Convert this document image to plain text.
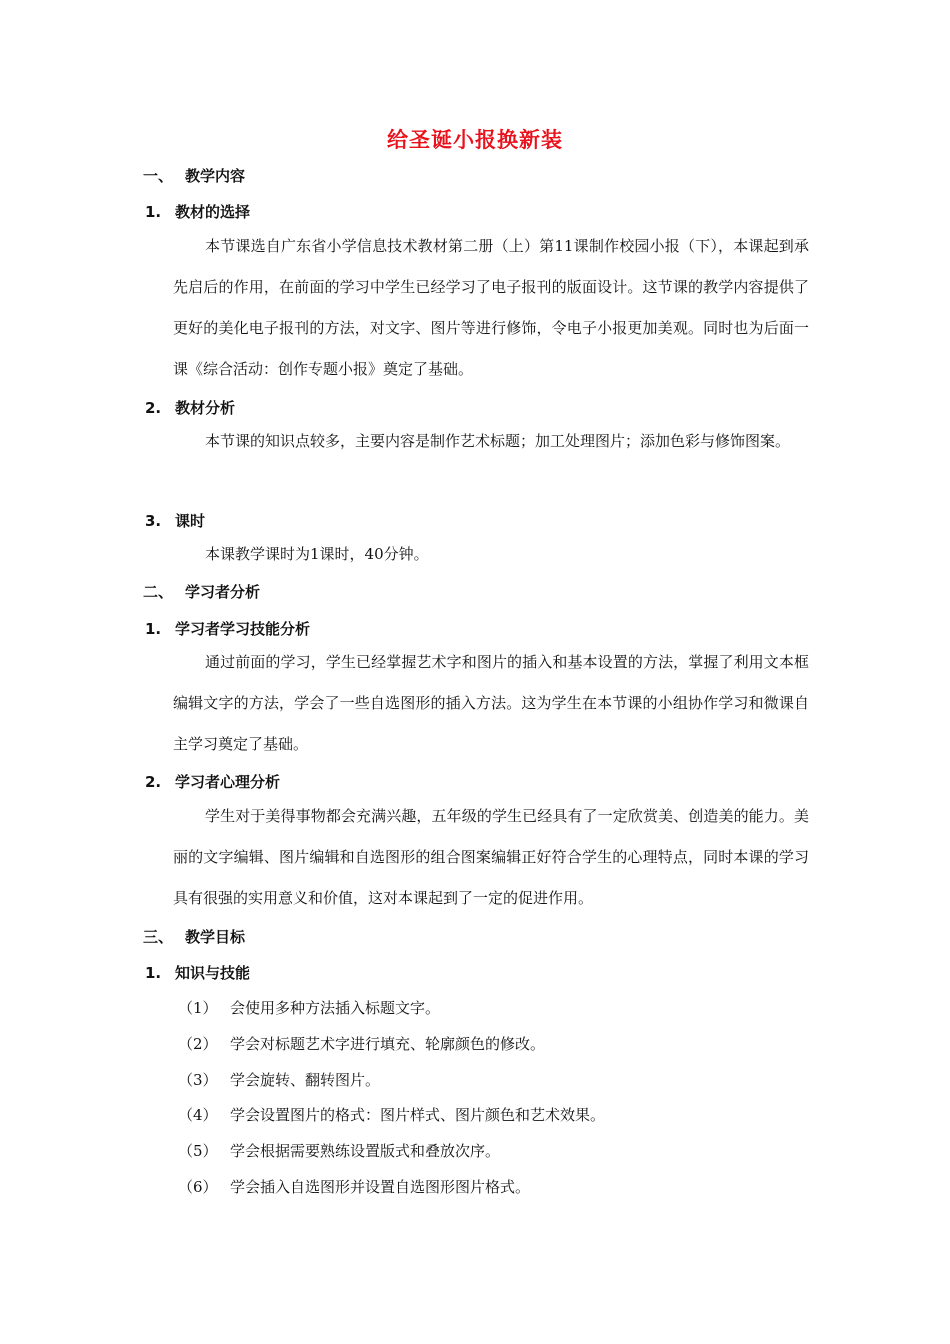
给圣诞小报换新装
一、 教学内容
1. 教材的选择

本节课选自广东省小学信息技术教材第二册（上）第11课制作校园小报（下），本课起到承先启后的作用，在前面的学习中学生已经学习了电子报刊的版面设计。这节课的教学内容提供了更好的美化电子报刊的方法，对文字、图片等进行修饰，令电子小报更加美观。同时也为后面一课《综合活动：创作专题小报》奠定了基础。

2. 教材分析

本节课的知识点较多，主要内容是制作艺术标题；加工处理图片；添加色彩与修饰图案。

3. 课时

本课教学课时为1课时，40分钟。

二、 学习者分析
1. 学习者学习技能分析

通过前面的学习，学生已经掌握艺术字和图片的插入和基本设置的方法，掌握了利用文本框编辑文字的方法，学会了一些自选图形的插入方法。这为学生在本节课的小组协作学习和微课自主学习奠定了基础。

2. 学习者心理分析

学生对于美得事物都会充满兴趣，五年级的学生已经具有了一定欣赏美、创造美的能力。美丽的文字编辑、图片编辑和自选图形的组合图案编辑正好符合学生的心理特点，同时本课的学习具有很强的实用意义和价值，这对本课起到了一定的促进作用。

三、 教学目标
1. 知识与技能
（1） 会使用多种方法插入标题文字。
（2） 学会对标题艺术字进行填充、轮廓颜色的修改。
（3） 学会旋转、翻转图片。
（4） 学会设置图片的格式：图片样式、图片颜色和艺术效果。
（5） 学会根据需要熟练设置版式和叠放次序。
（6） 学会插入自选图形并设置自选图形图片格式。
